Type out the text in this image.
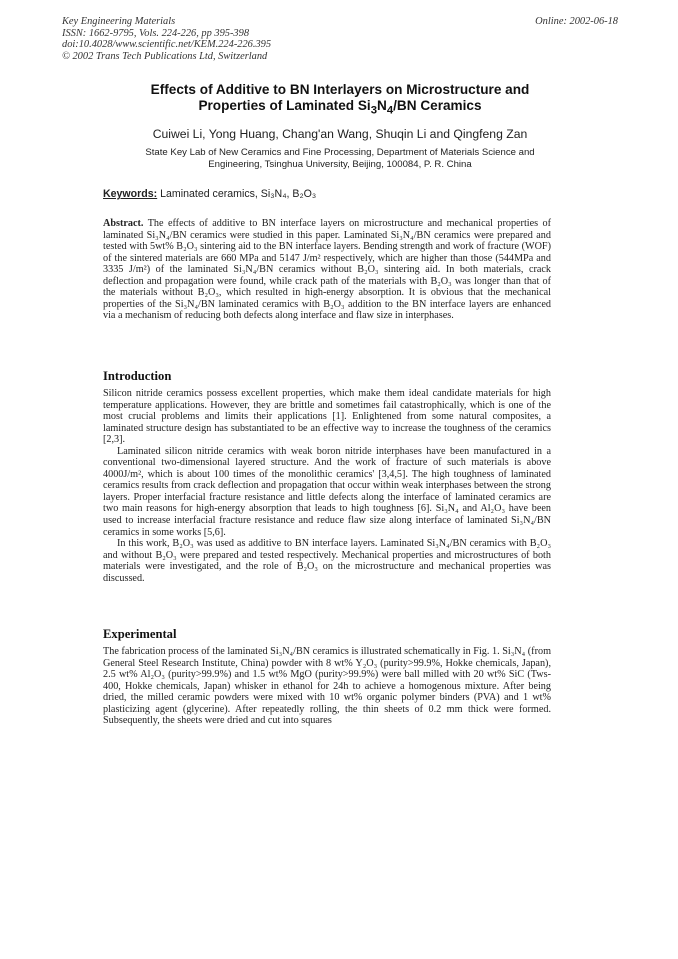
Key Engineering Materials
ISSN: 1662-9795, Vols. 224-226, pp 395-398
doi:10.4028/www.scientific.net/KEM.224-226.395
© 2002 Trans Tech Publications Ltd, Switzerland
Online: 2002-06-18
Effects of Additive to BN Interlayers on Microstructure and
Properties of Laminated $Si_3N_4/BN$ Ceramics
Cuiwei Li, Yong Huang, Chang'an Wang, Shuqin Li and Qingfeng Zan
State Key Lab of New Ceramics and Fine Processing, Department of Materials Science and
Engineering, Tsinghua University, Beijing, 100084, P. R. China
Keywords: Laminated ceramics, Si₃N₄, B₂O₃
Abstract. The effects of additive to BN interface layers on microstructure and mechanical properties of laminated Si₃N₄/BN ceramics were studied in this paper. Laminated Si₃N₄/BN ceramics were prepared and tested with 5wt% B₂O₃ sintering aid to the BN interface layers. Bending strength and work of fracture (WOF) of the sintered materials are 660 MPa and 5147 J/m² respectively, which are higher than those (544MPa and 3335 J/m²) of the laminated Si₃N₄/BN ceramics without B₂O₃ sintering aid. In both materials, crack deflection and propagation were found, while crack path of the materials with B₂O₃ was longer than that of the materials without B₂O₃, which resulted in high-energy absorption. It is obvious that the mechanical properties of the Si₃N₄/BN laminated ceramics with B₂O₃ addition to the BN interface layers are enhanced via a mechanism of reducing both defects along interface and flaw size in interphases.
Introduction

Silicon nitride ceramics possess excellent properties, which make them ideal candidate materials for high temperature applications. However, they are brittle and sometimes fail catastrophically, which is one of the most crucial problems and limits their applications [1]. Enlightened from some natural composites, a laminated structure design has substantiated to be an effective way to increase the toughness of the ceramics [2,3].

Laminated silicon nitride ceramics with weak boron nitride interphases have been manufactured in a conventional two-dimensional layered structure. And the work of fracture of such materials is above 4000J/m², which is about 100 times of the monolithic ceramics' [3,4,5]. The high toughness of laminated ceramics results from crack deflection and propagation that occur within weak interphases between the strong layers. Proper interfacial fracture resistance and little defects along the interface of laminated ceramics are two main reasons for high-energy absorption that leads to high toughness [6]. Si₃N₄ and Al₂O₃ have been used to increase interfacial fracture resistance and reduce flaw size along interface of laminated Si₃N₄/BN ceramics in some works [5,6].

In this work, B₂O₃ was used as additive to BN interface layers. Laminated Si₃N₄/BN ceramics with B₂O₃ and without B₂O₃ were prepared and tested respectively. Mechanical properties and microstructures of both materials were investigated, and the role of B₂O₃ on the microstructure and mechanical properties was discussed.

Experimental

The fabrication process of the laminated Si₃N₄/BN ceramics is illustrated schematically in Fig. 1. Si₃N₄ (from General Steel Research Institute, China) powder with 8 wt% Y₂O₃ (purity>99.9%, Hokke chemicals, Japan), 2.5 wt% Al₂O₃ (purity>99.9%) and 1.5 wt% MgO (purity>99.9%) were ball milled with 20 wt% SiC (Tws-400, Hokke chemicals, Japan) whisker in ethanol for 24h to achieve a homogenous mixture. After being dried, the milled ceramic powders were mixed with 10 wt% organic polymer binders (PVA) and 1 wt% plasticizing agent (glycerine). After repeatedly rolling, the thin sheets of 0.2 mm thick were formed. Subsequently, the sheets were dried and cut into squares
